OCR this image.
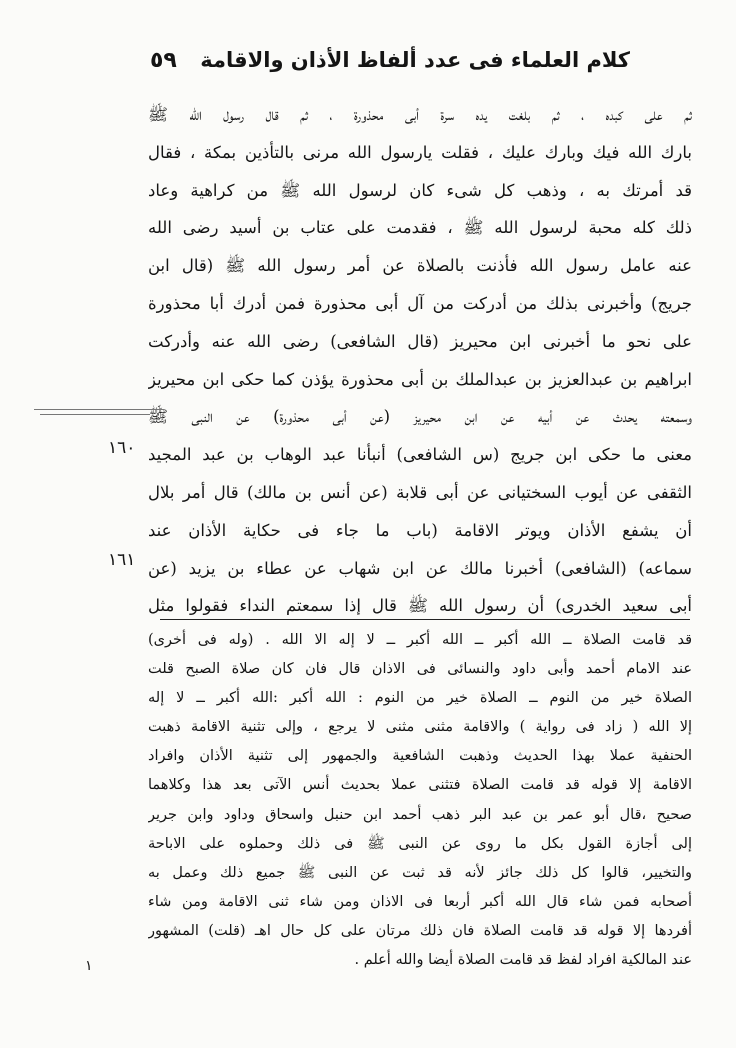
كلام العلماء فى عدد ألفاظ الأذان والاقامة
٥٩
ثم على كبده ، ثم بلغت يده سرة أبى محذورة ، ثم قال رسول الله ﷺ
بارك الله فيك وبارك عليك ، فقلت يارسول الله مرنى بالتأذين بمكة ، فقال
قد أمرتك به ، وذهب كل شىء كان لرسول الله ﷺ من كراهية وعاد
ذلك كله محبة لرسول الله ﷺ ، فقدمت على عتاب بن أسيد رضى الله
عنه عامل رسول الله فأذنت بالصلاة عن أمر رسول الله ﷺ (قال ابن
جريج) وأخبرنى بذلك من أدركت من آل أبى محذورة فمن أدرك أبا محذورة
على نحو ما أخبرنى ابن محيريز (قال الشافعى) رضى الله عنه وأدركت
ابراهيم بن عبدالعزيز بن عبدالملك بن أبى محذورة يؤذن كما حكى ابن محيريز
وسمعته يحدث عن أبيه عن ابن محيريز (عن أبى محذورة) عن النبى ﷺ
معنى ما حكى ابن جريج (س الشافعى) أنبأنا عبد الوهاب بن عبد المجيد
الثقفى عن أيوب السختيانى عن أبى قلابة (عن أنس بن مالك) قال أمر بلال
أن يشفع الأذان ويوتر الاقامة (باب ما جاء فى حكاية الأذان عند
سماعه) (الشافعى) أخبرنا مالك عن ابن شهاب عن عطاء بن يزيد (عن
أبى سعيد الخدرى) أن رسول الله ﷺ قال إذا سمعتم النداء فقولوا مثل
١٦٠
١٦١
قد قامت الصلاة ــ الله أكبر ــ الله أكبر ــ لا إله الا الله . (وله فى أخرى)
عند الامام أحمد وأبى داود والنسائى فى الاذان قال فان كان صلاة الصبح قلت
الصلاة خير من النوم ــ الصلاة خير من النوم : الله أكبر :الله أكبر ــ لا إله
إلا الله ( زاد فى رواية ) والاقامة مثنى مثنى لا يرجع ، وإلى تثنية الاقامة ذهبت
الحنفية عملا بهذا الحديث وذهبت الشافعية والجمهور إلى تثنية الأذان وافراد
الاقامة إلا قوله قد قامت الصلاة فتثنى عملا بحديث أنس الآتى بعد هذا وكلاهما
صحيح ،قال أبو عمر بن عبد البر ذهب أحمد ابن حنبل واسحاق وداود وابن جرير
إلى أجازة القول بكل ما روى عن النبى ﷺ فى ذلك وحملوه على الاباحة
والتخيير، قالوا كل ذلك جائز لأنه قد ثبت عن النبى ﷺ جميع ذلك وعمل به
أصحابه فمن شاء قال الله أكبر أربعا فى الاذان ومن شاء ثنى الاقامة ومن شاء
أفردها إلا قوله قد قامت الصلاة فان ذلك مرتان على كل حال اهـ (قلت) المشهور
عند المالكية افراد لفظ قد قامت الصلاة أيضا والله أعلم .
١
